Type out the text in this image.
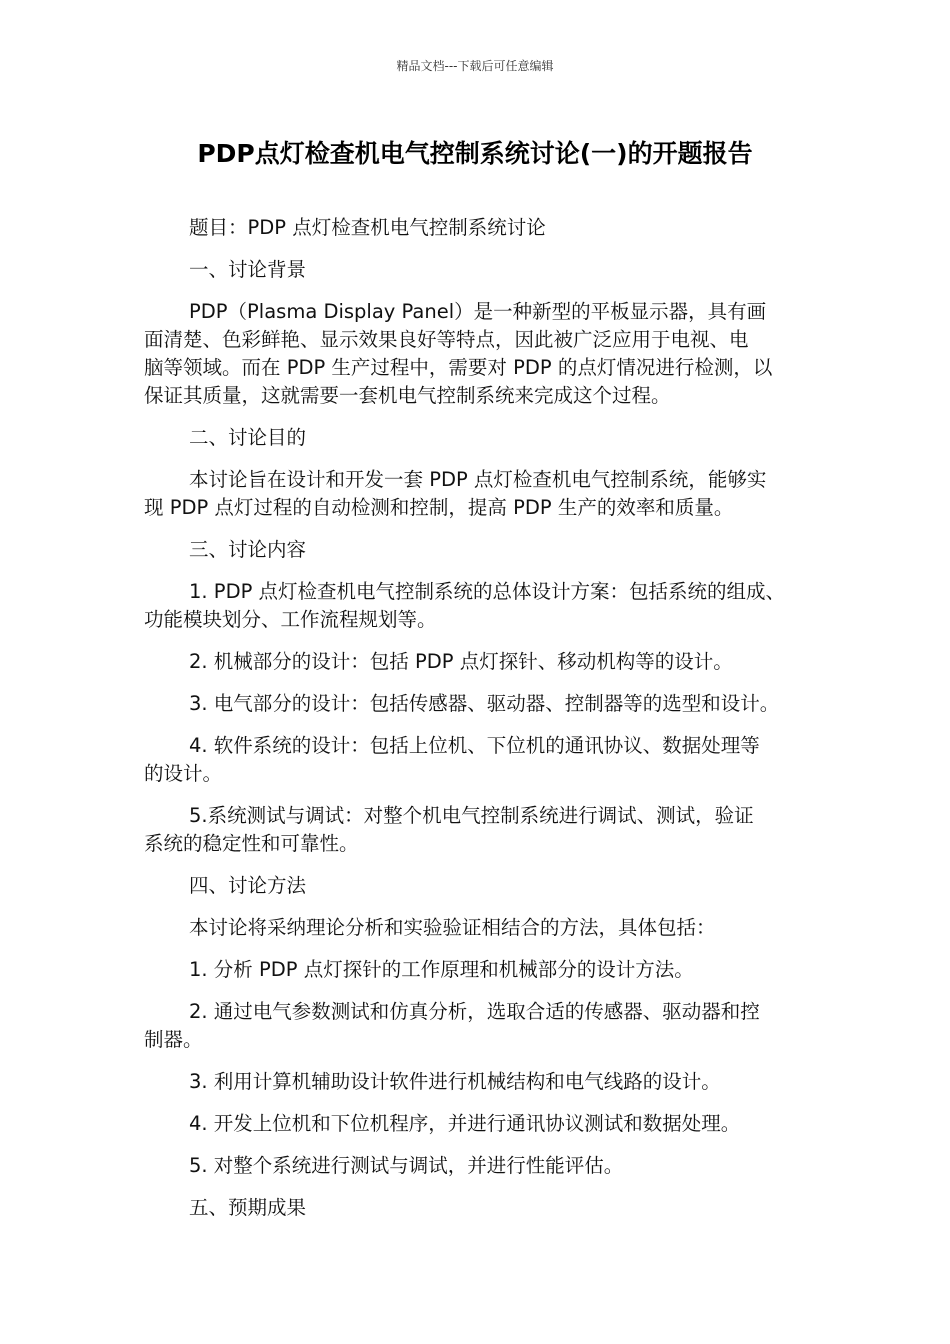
精品文档---下载后可任意编辑
PDP点灯检查机电气控制系统讨论(一)的开题报告

题目：PDP 点灯检查机电气控制系统讨论

一、讨论背景

PDP（Plasma Display Panel）是一种新型的平板显示器，具有画
面清楚、色彩鲜艳、显示效果良好等特点，因此被广泛应用于电视、电
脑等领域。而在 PDP 生产过程中，需要对 PDP 的点灯情况进行检测，以
保证其质量，这就需要一套机电气控制系统来完成这个过程。

二、讨论目的

本讨论旨在设计和开发一套 PDP 点灯检查机电气控制系统，能够实
现 PDP 点灯过程的自动检测和控制，提高 PDP 生产的效率和质量。

三、讨论内容

1. PDP 点灯检查机电气控制系统的总体设计方案：包括系统的组成、
功能模块划分、工作流程规划等。

2. 机械部分的设计：包括 PDP 点灯探针、移动机构等的设计。

3. 电气部分的设计：包括传感器、驱动器、控制器等的选型和设计。

4. 软件系统的设计：包括上位机、下位机的通讯协议、数据处理等
的设计。

5.系统测试与调试：对整个机电气控制系统进行调试、测试，验证
系统的稳定性和可靠性。

四、讨论方法

本讨论将采纳理论分析和实验验证相结合的方法，具体包括：

1. 分析 PDP 点灯探针的工作原理和机械部分的设计方法。

2. 通过电气参数测试和仿真分析，选取合适的传感器、驱动器和控
制器。

3. 利用计算机辅助设计软件进行机械结构和电气线路的设计。

4. 开发上位机和下位机程序，并进行通讯协议测试和数据处理。

5. 对整个系统进行测试与调试，并进行性能评估。

五、预期成果
